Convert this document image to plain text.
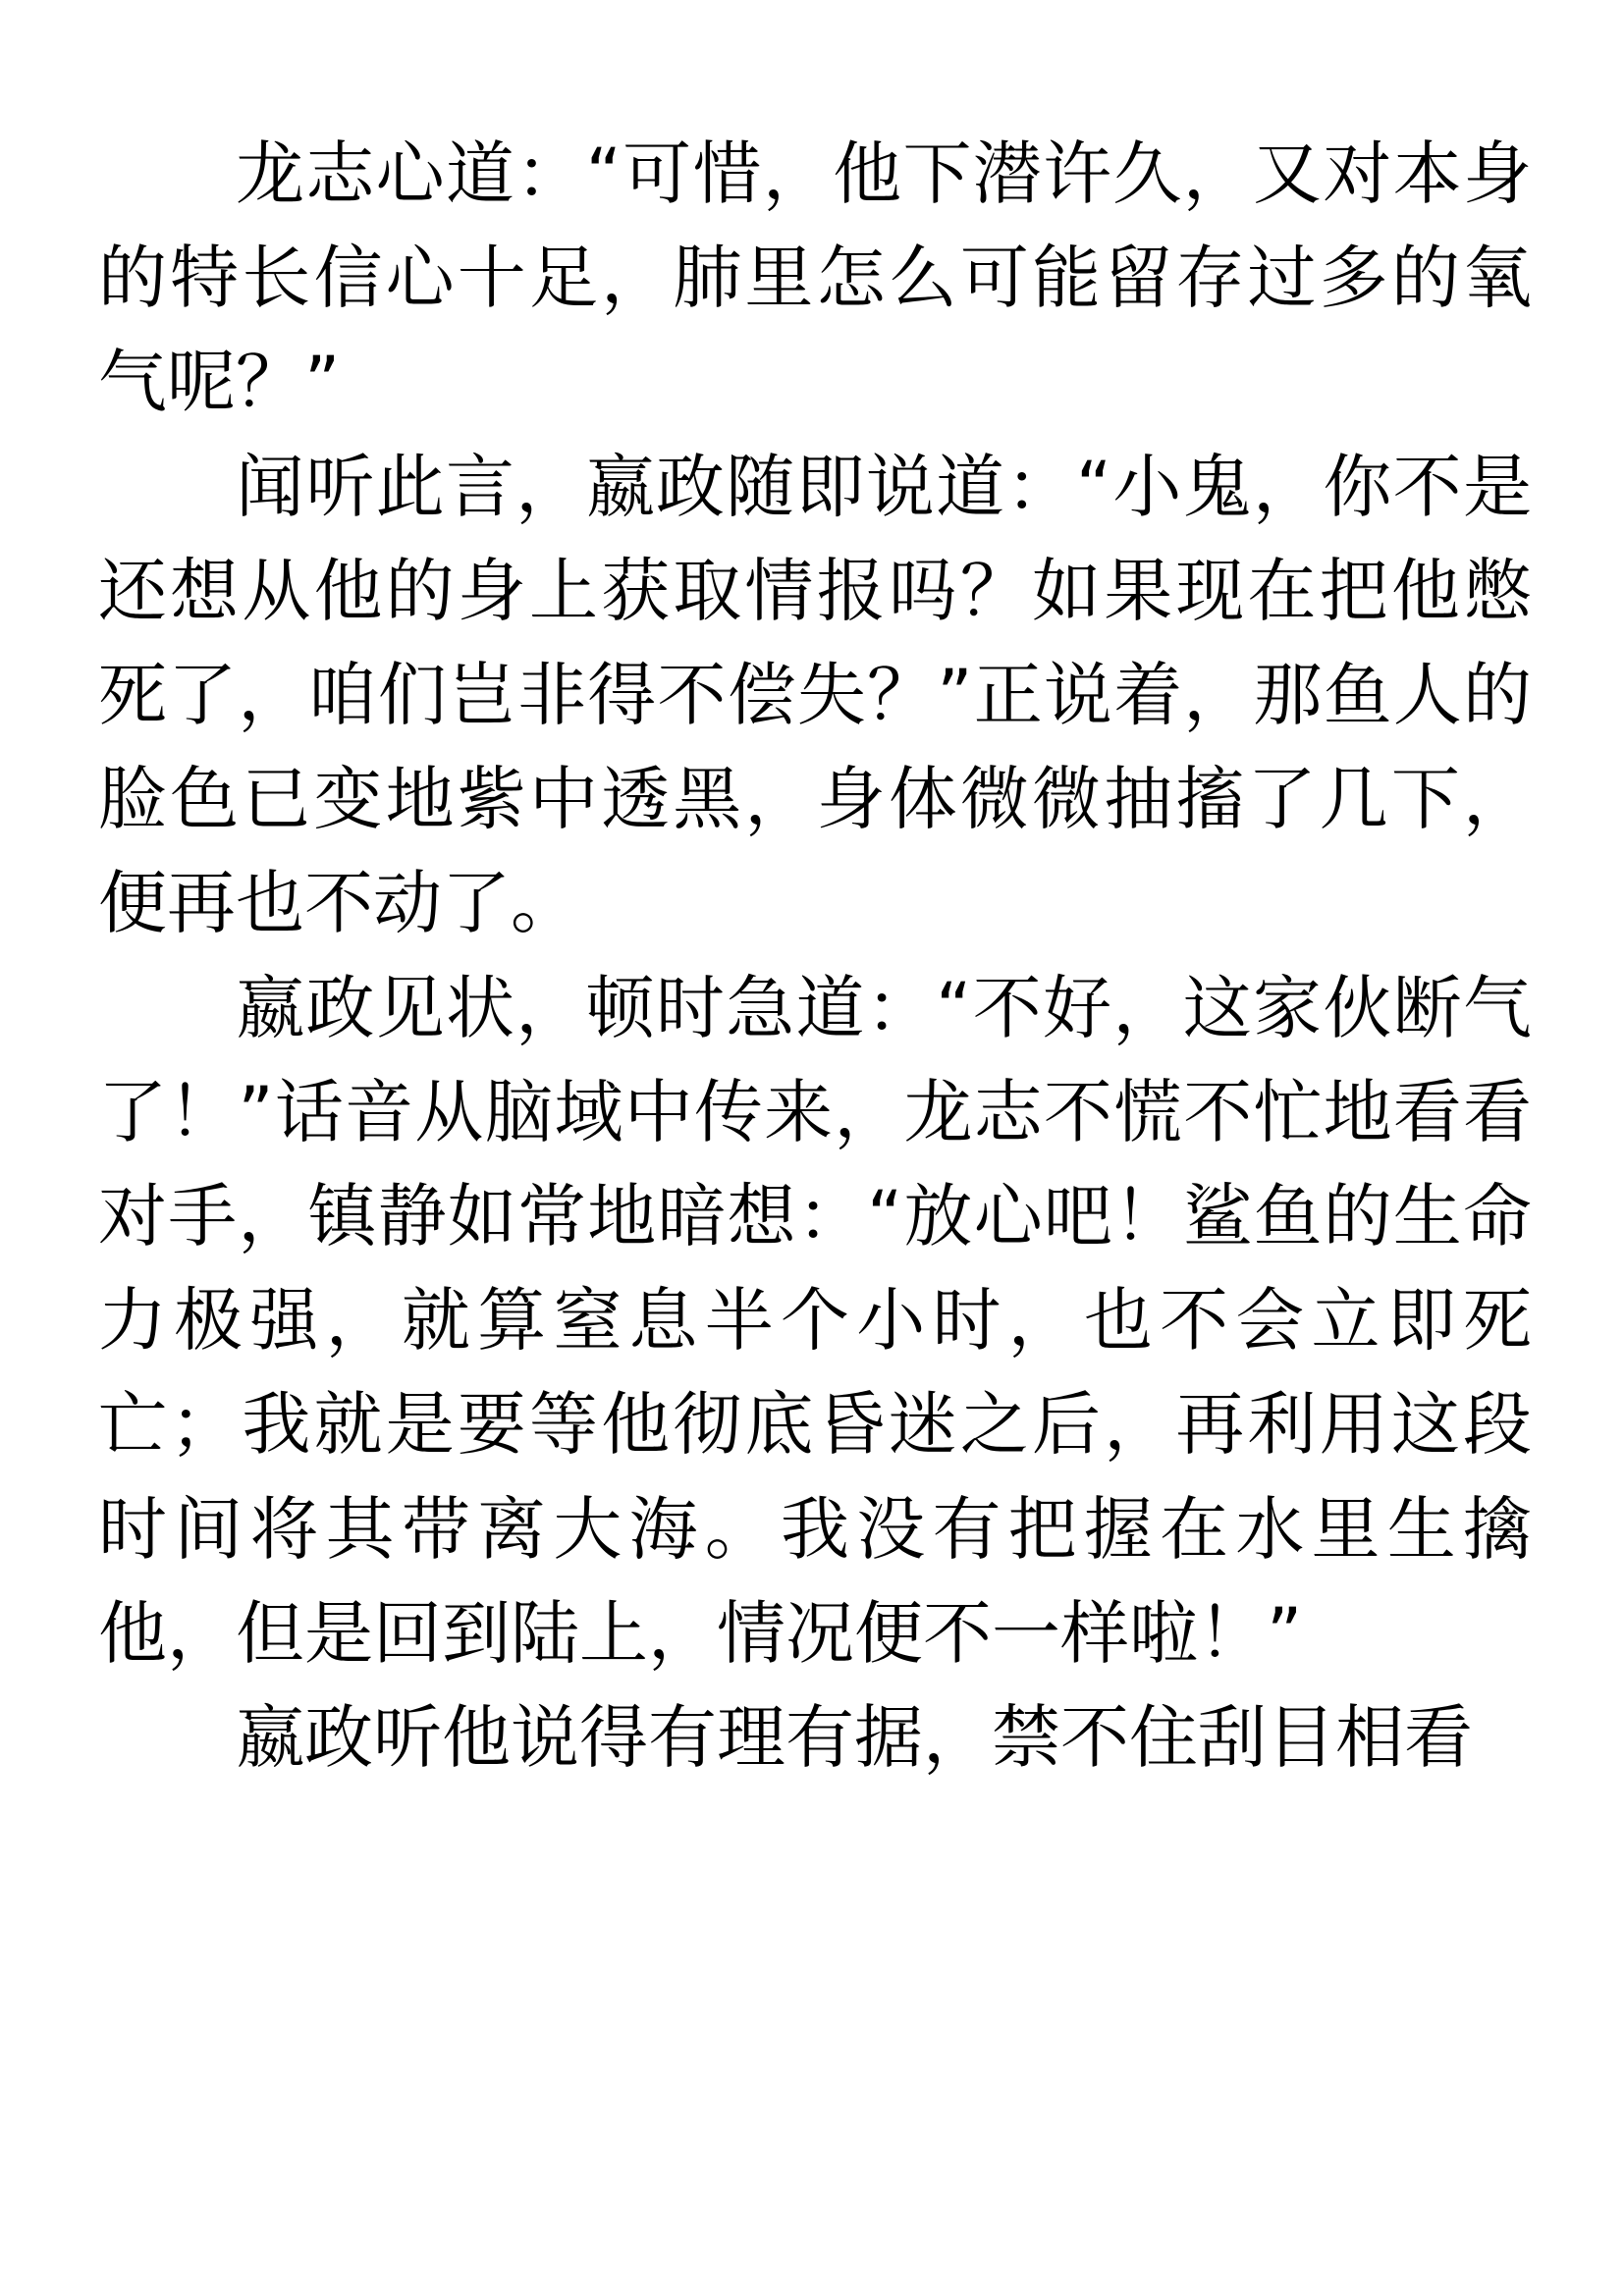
龙志心道：“可惜，他下潜许久，又对本身的特长信心十足，肺里怎么可能留存过多的氧气呢？”

闻听此言，嬴政随即说道：“小鬼，你不是还想从他的身上获取情报吗？如果现在把他憋死了，咱们岂非得不偿失？”正说着，那鱼人的脸色已变地紫中透黑，身体微微抽搐了几下，便再也不动了。

嬴政见状，顿时急道：“不好，这家伙断气了！”话音从脑域中传来，龙志不慌不忙地看看对手，镇静如常地暗想：“放心吧！鲨鱼的生命力极强，就算窒息半个小时，也不会立即死亡；我就是要等他彻底昏迷之后，再利用这段时间将其带离大海。我没有把握在水里生擒他，但是回到陆上，情况便不一样啦！”

嬴政听他说得有理有据，禁不住刮目相看
